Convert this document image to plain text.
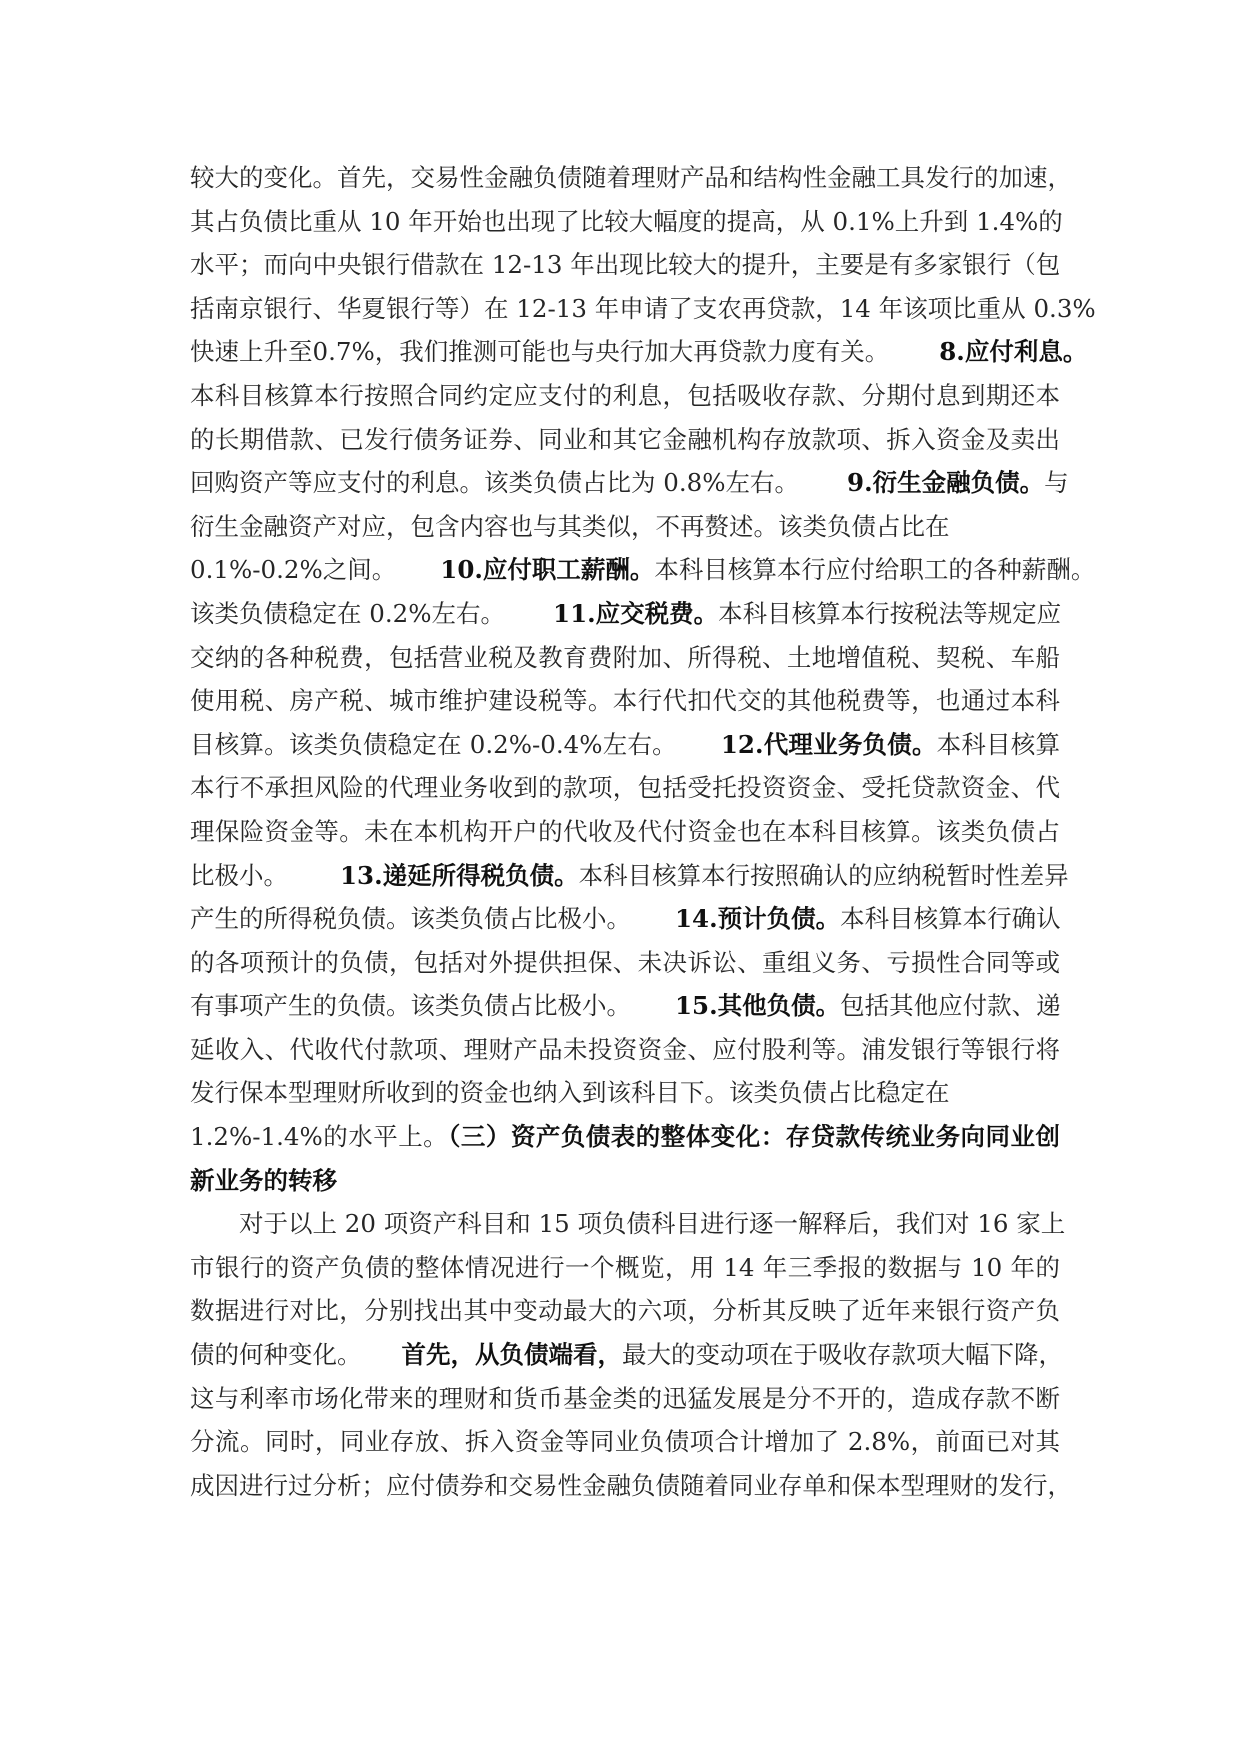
较大的变化。首先，交易性金融负债随着理财产品和结构性金融工具发行的加速，
其占负债比重从 10 年开始也出现了比较大幅度的提高，从 0.1%上升到 1.4%的
水平；而向中央银行借款在 12-13 年出现比较大的提升，主要是有多家银行（包
括南京银行、华夏银行等）在 12-13 年申请了支农再贷款，14 年该项比重从 0.3%
快速上升至0.7%，我们推测可能也与央行加大再贷款力度有关。 8.应付利息。
本科目核算本行按照合同约定应支付的利息，包括吸收存款、分期付息到期还本
的长期借款、已发行债务证券、同业和其它金融机构存放款项、拆入资金及卖出
回购资产等应支付的利息。该类负债占比为 0.8%左右。 9.衍生金融负债。与
衍生金融资产对应，包含内容也与其类似，不再赘述。该类负债占比在
0.1%-0.2%之间。 10.应付职工薪酬。本科目核算本行应付给职工的各种薪酬。
该类负债稳定在 0.2%左右。 11.应交税费。本科目核算本行按税法等规定应
交纳的各种税费，包括营业税及教育费附加、所得税、土地增值税、契税、车船
使用税、房产税、城市维护建设税等。本行代扣代交的其他税费等，也通过本科
目核算。该类负债稳定在 0.2%-0.4%左右。 12.代理业务负债。本科目核算
本行不承担风险的代理业务收到的款项，包括受托投资资金、受托贷款资金、代
理保险资金等。未在本机构开户的代收及代付资金也在本科目核算。该类负债占
比极小。 13.递延所得税负债。本科目核算本行按照确认的应纳税暂时性差异
产生的所得税负债。该类负债占比极小。 14.预计负债。本科目核算本行确认
的各项预计的负债，包括对外提供担保、未决诉讼、重组义务、亏损性合同等或
有事项产生的负债。该类负债占比极小。 15.其他负债。包括其他应付款、递
延收入、代收代付款项、理财产品未投资资金、应付股利等。浦发银行等银行将
发行保本型理财所收到的资金也纳入到该科目下。该类负债占比稳定在
1.2%-1.4%的水平上。（三）资产负债表的整体变化：存贷款传统业务向同业创
新业务的转移
　　对于以上 20 项资产科目和 15 项负债科目进行逐一解释后，我们对 16 家上
市银行的资产负债的整体情况进行一个概览，用 14 年三季报的数据与 10 年的
数据进行对比，分别找出其中变动最大的六项，分析其反映了近年来银行资产负
债的何种变化。 首先，从负债端看，最大的变动项在于吸收存款项大幅下降，
这与利率市场化带来的理财和货币基金类的迅猛发展是分不开的，造成存款不断
分流。同时，同业存放、拆入资金等同业负债项合计增加了 2.8%，前面已对其
成因进行过分析；应付债券和交易性金融负债随着同业存单和保本型理财的发行，
